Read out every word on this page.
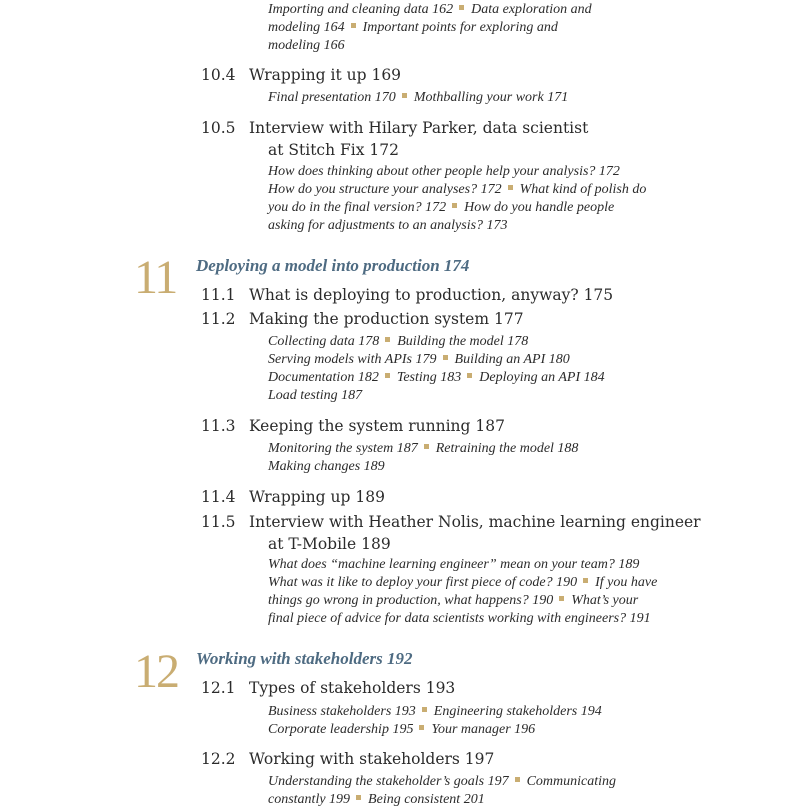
Importing and cleaning data 162 Data exploration and
modeling 164 Important points for exploring and
modeling 166
10.4 Wrapping it up 169
Final presentation 170 Mothballing your work 171
10.5 Interview with Hilary Parker, data scientist
at Stitch Fix 172
How does thinking about other people help your analysis? 172
How do you structure your analyses? 172 What kind of polish do
you do in the final version? 172 How do you handle people
asking for adjustments to an analysis? 173
11 Deploying a model into production 174
11.1 What is deploying to production, anyway? 175
11.2 Making the production system 177
Collecting data 178 Building the model 178
Serving models with APIs 179 Building an API 180
Documentation 182 Testing 183 Deploying an API 184
Load testing 187
11.3 Keeping the system running 187
Monitoring the system 187 Retraining the model 188
Making changes 189
11.4 Wrapping up 189
11.5 Interview with Heather Nolis, machine learning engineer
at T-Mobile 189
What does “machine learning engineer” mean on your team? 189
What was it like to deploy your first piece of code? 190 If you have
things go wrong in production, what happens? 190 What’s your
final piece of advice for data scientists working with engineers? 191
12 Working with stakeholders 192
12.1 Types of stakeholders 193
Business stakeholders 193 Engineering stakeholders 194
Corporate leadership 195 Your manager 196
12.2 Working with stakeholders 197
Understanding the stakeholder’s goals 197 Communicating
constantly 199 Being consistent 201
